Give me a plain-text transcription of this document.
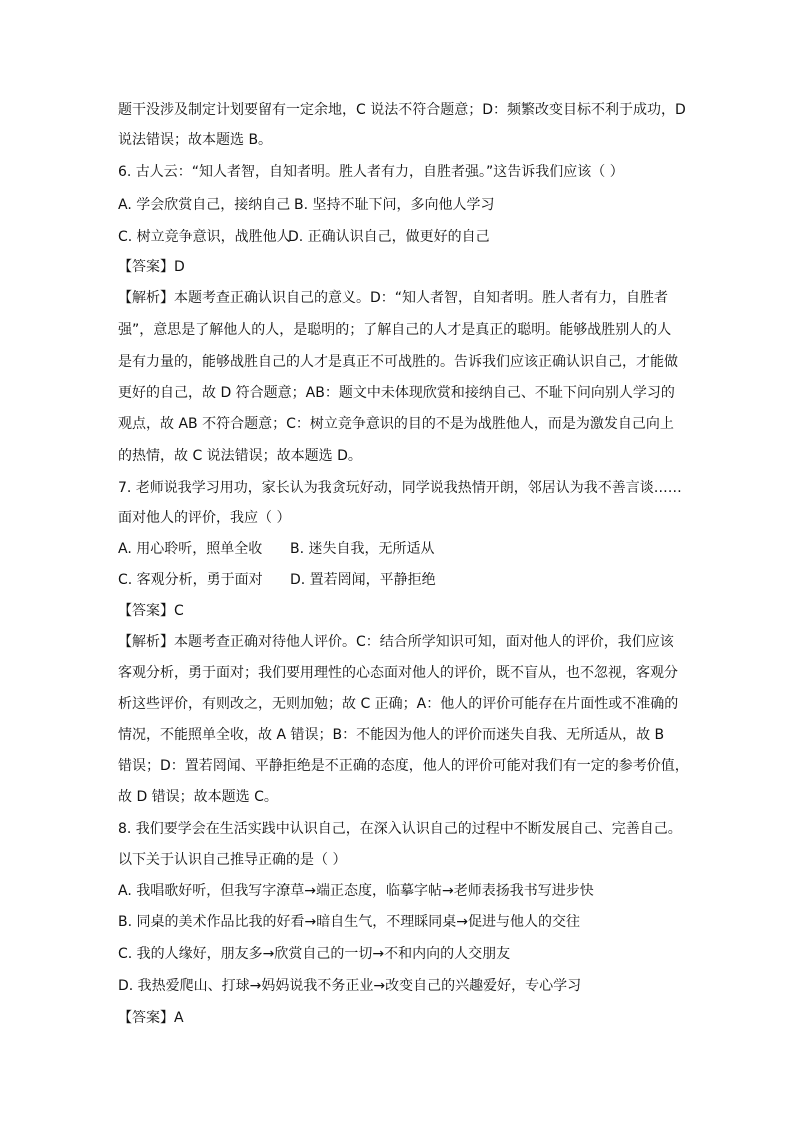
题干没涉及制定计划要留有一定余地，C 说法不符合题意；D：频繁改变目标不利于成功，D
说法错误；故本题选 B。
6. 古人云：“知人者智，自知者明。胜人者有力，自胜者强。”这告诉我们应该（ ）
A. 学会欣赏自己，接纳自己 B. 坚持不耻下问，多向他人学习
C. 树立竞争意识，战胜他人D. 正确认识自己，做更好的自己
【答案】D
【解析】本题考查正确认识自己的意义。D：“知人者智，自知者明。胜人者有力，自胜者
强”，意思是了解他人的人，是聪明的；了解自己的人才是真正的聪明。能够战胜别人的人
是有力量的，能够战胜自己的人才是真正不可战胜的。告诉我们应该正确认识自己，才能做
更好的自己，故 D 符合题意；AB：题文中未体现欣赏和接纳自己、不耻下问向别人学习的
观点，故 AB 不符合题意；C：树立竞争意识的目的不是为战胜他人，而是为激发自己向上
的热情，故 C 说法错误；故本题选 D。
7. 老师说我学习用功，家长认为我贪玩好动，同学说我热情开朗，邻居认为我不善言谈……
面对他人的评价，我应（ ）
A. 用心聆听，照单全收 B. 迷失自我，无所适从
C. 客观分析，勇于面对 D. 置若罔闻，平静拒绝
【答案】C
【解析】本题考查正确对待他人评价。C：结合所学知识可知，面对他人的评价，我们应该
客观分析，勇于面对；我们要用理性的心态面对他人的评价，既不盲从，也不忽视，客观分
析这些评价，有则改之，无则加勉；故 C 正确；A：他人的评价可能存在片面性或不准确的
情况，不能照单全收，故 A 错误；B：不能因为他人的评价而迷失自我、无所适从，故 B
错误；D：置若罔闻、平静拒绝是不正确的态度，他人的评价可能对我们有一定的参考价值，
故 D 错误；故本题选 C。
8. 我们要学会在生活实践中认识自己，在深入认识自己的过程中不断发展自己、完善自己。
以下关于认识自己推导正确的是（ ）
A. 我唱歌好听，但我写字潦草→端正态度，临摹字帖→老师表扬我书写进步快
B. 同桌的美术作品比我的好看→暗自生气，不理睬同桌→促进与他人的交往
C. 我的人缘好，朋友多→欣赏自己的一切→不和内向的人交朋友
D. 我热爱爬山、打球→妈妈说我不务正业→改变自己的兴趣爱好，专心学习
【答案】A
